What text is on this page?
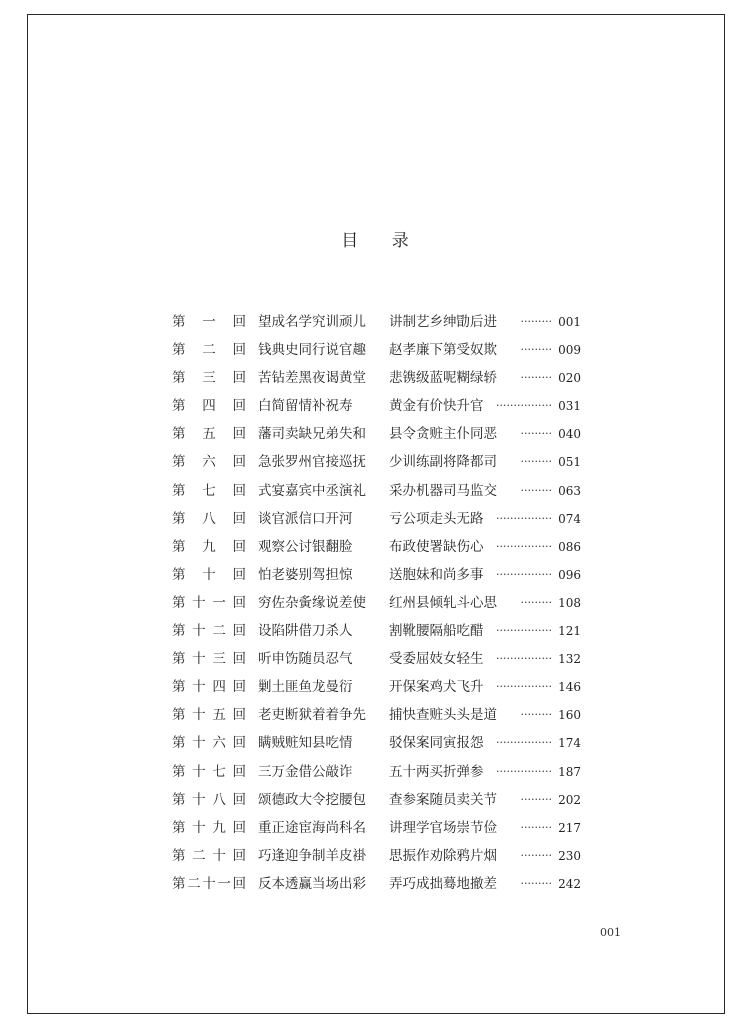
目 录
第 一 回 望成名学究训顽儿 讲制艺乡绅勖后进 ········· 001
第 二 回 钱典史同行说官趣 赵孝廉下第受奴欺 ········· 009
第 三 回 苦钻差黑夜谒黄堂 悲镌级蓝呢糊绿轿 ········· 020
第 四 回 白简留情补祝寿	黄金有价快升官 ················ 031
第 五 回 藩司卖缺兄弟失和 县令贪赃主仆同恶 ········· 040
第 六 回 急张罗州官接巡抚 少训练副将降都司 ········· 051
第 七 回 式宴嘉宾中丞演礼 采办机器司马监交 ········· 063
第 八 回 谈官派信口开河	亏公项走头无路 ················ 074
第 九 回 观察公讨银翻脸	布政使署缺伤心 ················ 086
第 十 回 怕老婆别驾担惊	送胞妹和尚多事 ················ 096
第 十 一 回 穷佐杂夤缘说差使 红州县倾轧斗心思 ········· 108
第 十 二 回 设陷阱借刀杀人	割靴腰隔船吃醋 ················ 121
第 十 三 回 听申饬随员忍气	受委屈妓女轻生 ················ 132
第 十 四 回 剿土匪鱼龙曼衍	开保案鸡犬飞升 ················ 146
第 十 五 回 老吏断狱着着争先 捕快查赃头头是道 ········· 160
第 十 六 回 瞒贼赃知县吃情	驳保案同寅报怨 ················ 174
第 十 七 回 三万金借公敲诈	五十两买折弹参 ················ 187
第 十 八 回 颂德政大令挖腰包 查参案随员卖关节 ········· 202
第 十 九 回 重正途宦海尚科名 讲理学官场崇节俭 ········· 217
第 二 十 回 巧逢迎争制羊皮褂 思振作劝除鸦片烟 ········· 230
第 二 十 一 回 反本透赢当场出彩 弄巧成拙蓦地撤差 ········· 242
001
